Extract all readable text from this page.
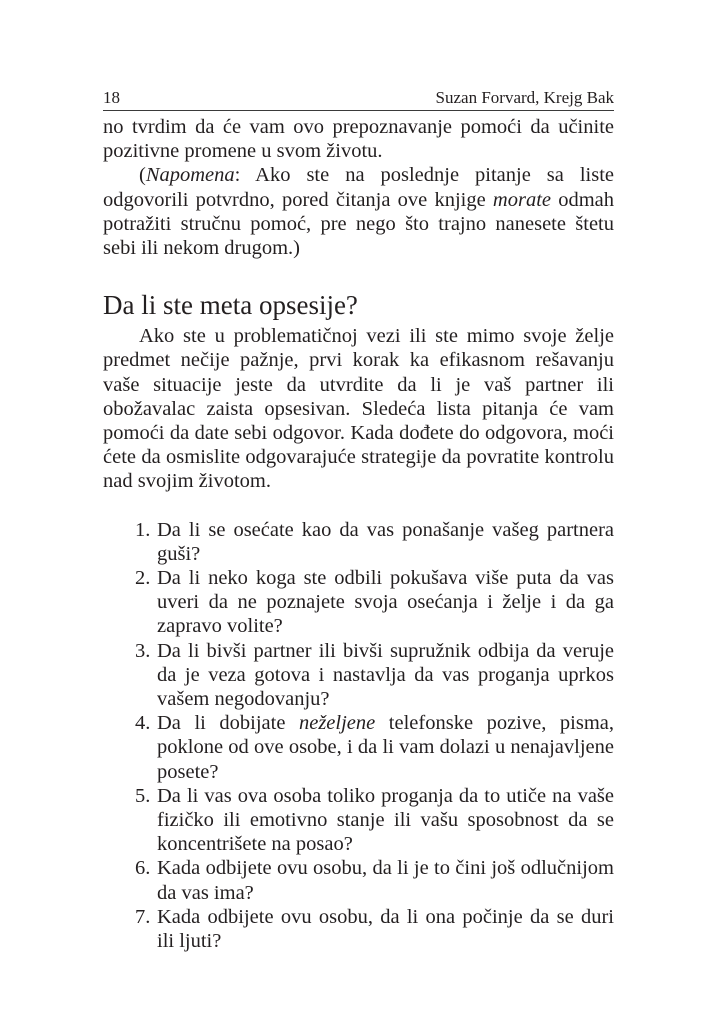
18	Suzan Forvard, Krejg Bak

no tvrdim da će vam ovo prepoznavanje pomoći da učinite pozitivne promene u svom životu.

(Napomena: Ako ste na poslednje pitanje sa liste odgovorili potvrdno, pored čitanja ove knjige morate odmah potražiti stručnu pomoć, pre nego što trajno nanesete štetu sebi ili nekom drugom.)

Da li ste meta opsesije?

Ako ste u problematičnoj vezi ili ste mimo svoje želje predmet nečije pažnje, prvi korak ka efikasnom rešavanju vaše situacije jeste da utvrdite da li je vaš partner ili obožavalac zaista opsesivan. Sledeća lista pitanja će vam pomoći da date sebi odgovor. Kada dođete do odgovora, moći ćete da osmislite odgovarajuće strategije da povratite kontrolu nad svojim životom.

1. Da li se osećate kao da vas ponašanje vašeg partnera guši?
2. Da li neko koga ste odbili pokušava više puta da vas uveri da ne poznajete svoja osećanja i želje i da ga zapravo volite?
3. Da li bivši partner ili bivši supružnik odbija da veruje da je veza gotova i nastavlja da vas proganja uprkos vašem negodovanju?
4. Da li dobijate neželjene telefonske pozive, pisma, poklone od ove osobe, i da li vam dolazi u nenajavljene posete?
5. Da li vas ova osoba toliko proganja da to utiče na vaše fizičko ili emotivno stanje ili vašu sposobnost da se koncentrišete na posao?
6. Kada odbijete ovu osobu, da li je to čini još odlučnijom da vas ima?
7. Kada odbijete ovu osobu, da li ona počinje da se duri ili ljuti?
